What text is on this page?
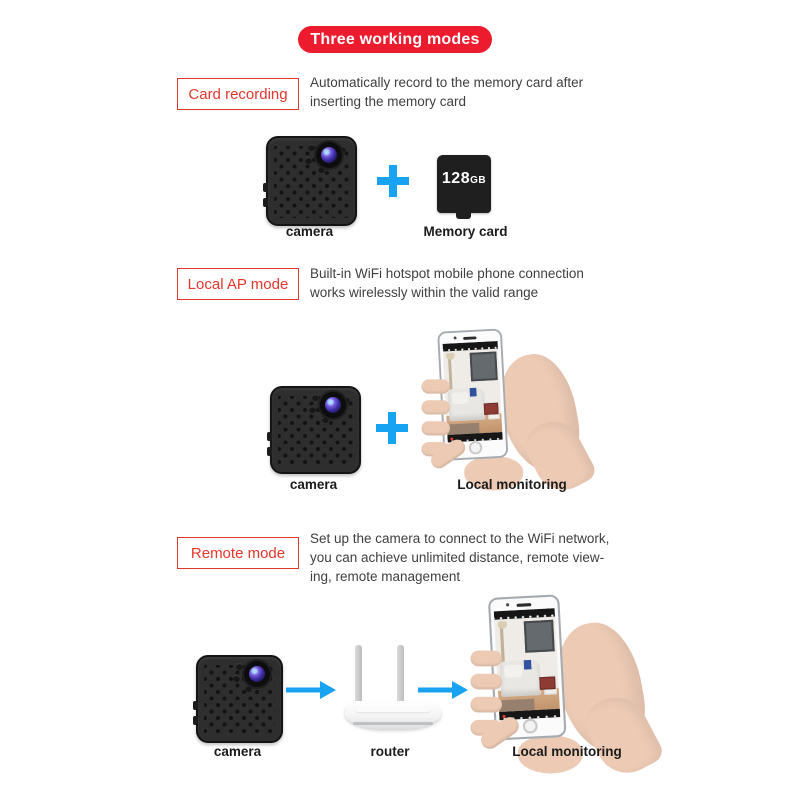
Three working modes
Card recording
Automatically record to the memory card after
inserting the memory card
128GB
camera	Memory card
Local AP mode
Built-in WiFi hotspot mobile phone connection
works wirelessly within the valid range
camera	Local monitoring
Remote mode
Set up the camera to connect to the WiFi network,
you can achieve unlimited distance, remote view-
ing, remote management
camera	router	Local monitoring
